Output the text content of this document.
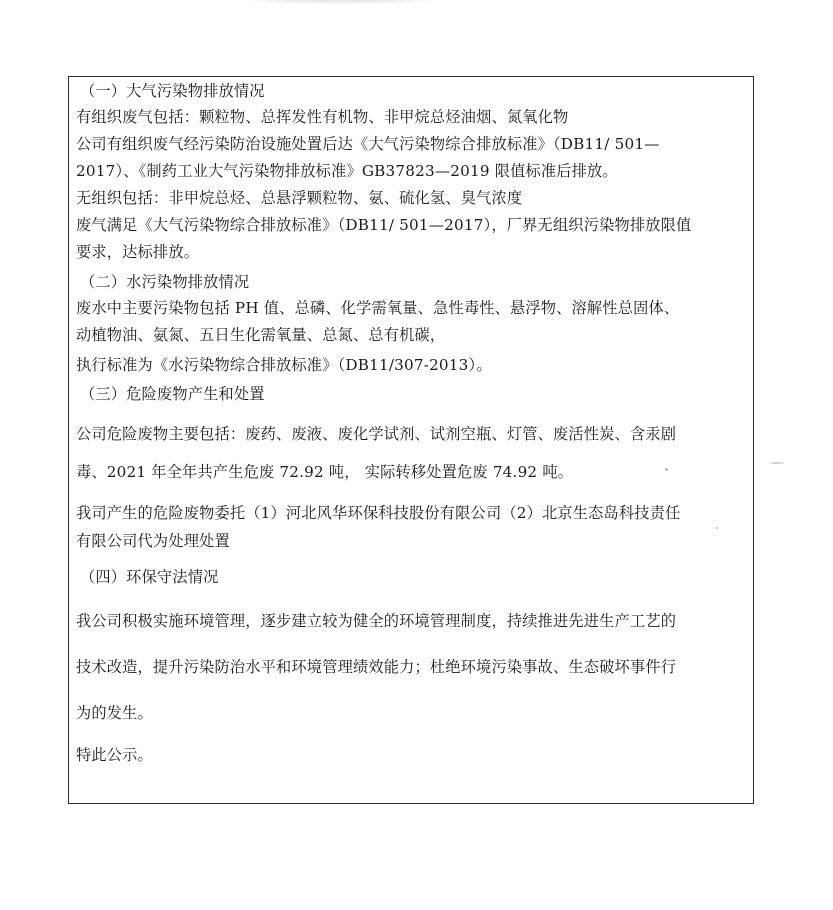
（一）大气污染物排放情况
有组织废气包括：颗粒物、总挥发性有机物、非甲烷总烃油烟、氮氧化物
公司有组织废气经污染防治设施处置后达《大气污染物综合排放标准》（DB11/ 501—
2017）、《制药工业大气污染物排放标准》GB37823—2019 限值标准后排放。
无组织包括：非甲烷总烃、总悬浮颗粒物、氨、硫化氢、臭气浓度
废气满足《大气污染物综合排放标准》（DB11/ 501—2017），厂界无组织污染物排放限值
要求，达标排放。
（二）水污染物排放情况
废水中主要污染物包括 PH 值、总磷、化学需氧量、急性毒性、悬浮物、溶解性总固体、
动植物油、氨氮、五日生化需氧量、总氮、总有机碳，
执行标准为《水污染物综合排放标准》（DB11/307-2013）。
（三）危险废物产生和处置
公司危险废物主要包括：废药、废液、废化学试剂、试剂空瓶、灯管、废活性炭、含汞剧
毒、2021 年全年共产生危废 72.92 吨， 实际转移处置危废 74.92 吨。
我司产生的危险废物委托（1）河北风华环保科技股份有限公司（2）北京生态岛科技责任
有限公司代为处理处置
（四）环保守法情况
我公司积极实施环境管理，逐步建立较为健全的环境管理制度，持续推进先进生产工艺的
技术改造，提升污染防治水平和环境管理绩效能力；杜绝环境污染事故、生态破坏事件行
为的发生。
特此公示。
